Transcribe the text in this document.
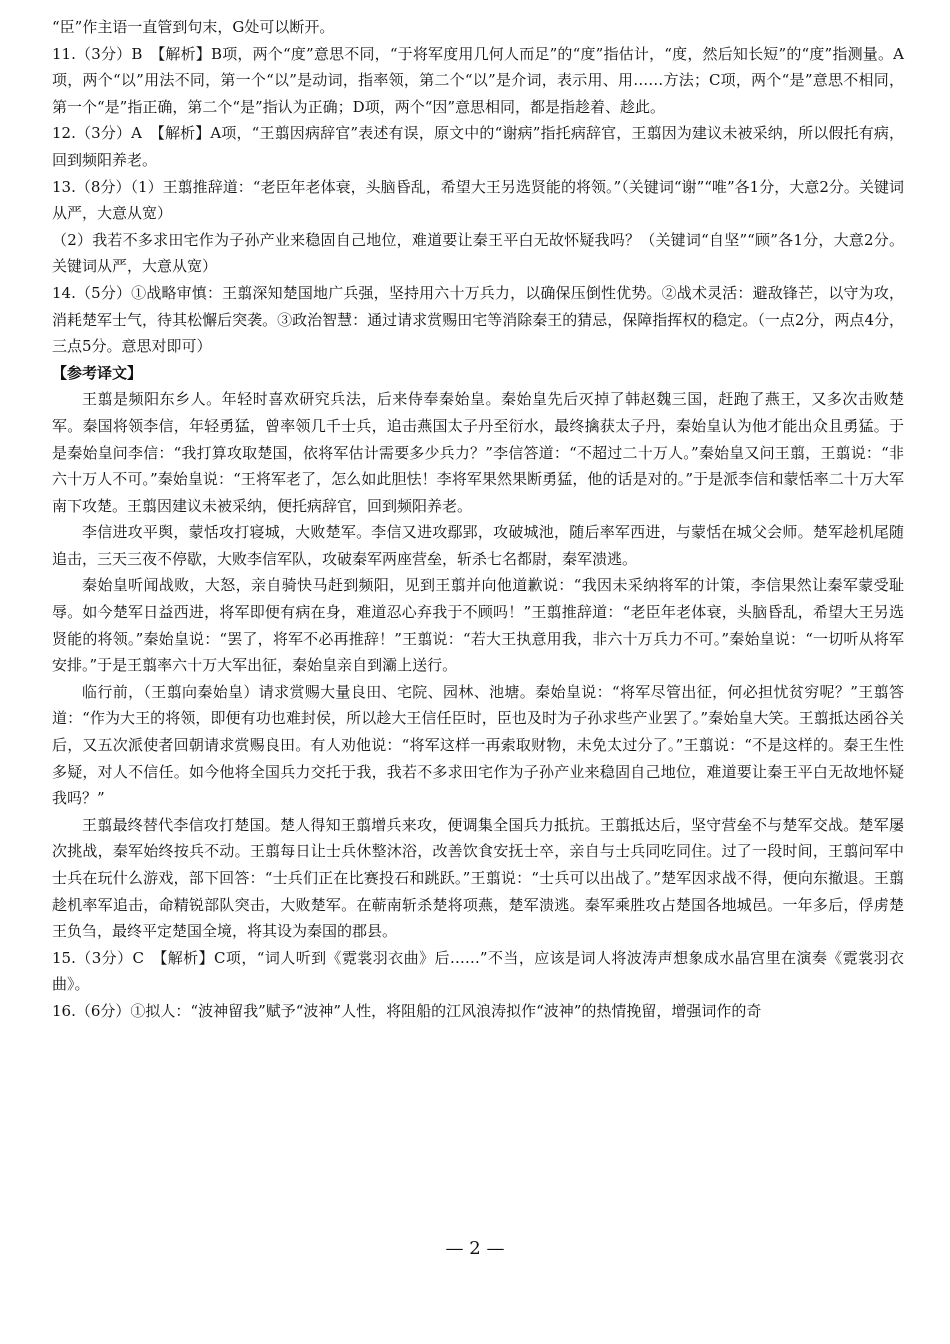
“臣”作主语一直管到句末，G处可以断开。

11.（3分）B　【解析】B项，两个“度”意思不同，“于将军度用几何人而足”的“度”指估计，“度，然后知长短”的“度”指测量。A项，两个“以”用法不同，第一个“以”是动词，指率领，第二个“以”是介词，表示用、用……方法；C项，两个“是”意思不相同，第一个“是”指正确，第二个“是”指认为正确；D项，两个“因”意思相同，都是指趁着、趁此。

12.（3分）A　【解析】A项，“王翦因病辞官”表述有误，原文中的“谢病”指托病辞官，王翦因为建议未被采纳，所以假托有病，回到频阳养老。

13.（8分）（1）王翦推辞道：“老臣年老体衰，头脑昏乱，希望大王另选贤能的将领。”（关键词“谢”“唯”各1分，大意2分。关键词从严，大意从宽）

（2）我若不多求田宅作为子孙产业来稳固自己地位，难道要让秦王平白无故怀疑我吗？（关键词“自坚”“顾”各1分，大意2分。关键词从严，大意从宽）

14.（5分）①战略审慎：王翦深知楚国地广兵强，坚持用六十万兵力，以确保压倒性优势。②战术灵活：避敌锋芒，以守为攻，消耗楚军士气，待其松懈后突袭。③政治智慧：通过请求赏赐田宅等消除秦王的猜忌，保障指挥权的稳定。（一点2分，两点4分，三点5分。意思对即可）

【参考译文】

王翦是频阳东乡人。年轻时喜欢研究兵法，后来侍奉秦始皇。秦始皇先后灭掉了韩赵魏三国，赶跑了燕王，又多次击败楚军。秦国将领李信，年轻勇猛，曾率领几千士兵，追击燕国太子丹至衍水，最终擒获太子丹，秦始皇认为他才能出众且勇猛。于是秦始皇问李信：“我打算攻取楚国，依将军估计需要多少兵力？”李信答道：“不超过二十万人。”秦始皇又问王翦，王翦说：“非六十万人不可。”秦始皇说：“王将军老了，怎么如此胆怯！李将军果然果断勇猛，他的话是对的。”于是派李信和蒙恬率二十万大军南下攻楚。王翦因建议未被采纳，便托病辞官，回到频阳养老。

李信进攻平舆，蒙恬攻打寝城，大败楚军。李信又进攻鄢郢，攻破城池，随后率军西进，与蒙恬在城父会师。楚军趁机尾随追击，三天三夜不停歇，大败李信军队，攻破秦军两座营垒，斩杀七名都尉，秦军溃逃。

秦始皇听闻战败，大怒，亲自骑快马赶到频阳，见到王翦并向他道歉说：“我因未采纳将军的计策，李信果然让秦军蒙受耻辱。如今楚军日益西进，将军即便有病在身，难道忍心弃我于不顾吗！”王翦推辞道：“老臣年老体衰，头脑昏乱，希望大王另选贤能的将领。”秦始皇说：“罢了，将军不必再推辞！”王翦说：“若大王执意用我，非六十万兵力不可。”秦始皇说：“一切听从将军安排。”于是王翦率六十万大军出征，秦始皇亲自到灞上送行。

临行前，（王翦向秦始皇）请求赏赐大量良田、宅院、园林、池塘。秦始皇说：“将军尽管出征，何必担忧贫穷呢？”王翦答道：“作为大王的将领，即便有功也难封侯，所以趁大王信任臣时，臣也及时为子孙求些产业罢了。”秦始皇大笑。王翦抵达函谷关后，又五次派使者回朝请求赏赐良田。有人劝他说：“将军这样一再索取财物，未免太过分了。”王翦说：“不是这样的。秦王生性多疑，对人不信任。如今他将全国兵力交托于我，我若不多求田宅作为子孙产业来稳固自己地位，难道要让秦王平白无故地怀疑我吗？”

王翦最终替代李信攻打楚国。楚人得知王翦增兵来攻，便调集全国兵力抵抗。王翦抵达后，坚守营垒不与楚军交战。楚军屡次挑战，秦军始终按兵不动。王翦每日让士兵休整沐浴，改善饮食安抚士卒，亲自与士兵同吃同住。过了一段时间，王翦问军中士兵在玩什么游戏，部下回答：“士兵们正在比赛投石和跳跃。”王翦说：“士兵可以出战了。”楚军因求战不得，便向东撤退。王翦趁机率军追击，命精锐部队突击，大败楚军。在蕲南斩杀楚将项燕，楚军溃逃。秦军乘胜攻占楚国各地城邑。一年多后，俘虏楚王负刍，最终平定楚国全境，将其设为秦国的郡县。

15.（3分）C　【解析】C项，“词人听到《霓裳羽衣曲》后……”不当，应该是词人将波涛声想象成水晶宫里在演奏《霓裳羽衣曲》。

16.（6分）①拟人：“波神留我”赋予“波神”人性，将阻船的江风浪涛拟作“波神”的热情挽留，增强词作的奇

— 2 —
